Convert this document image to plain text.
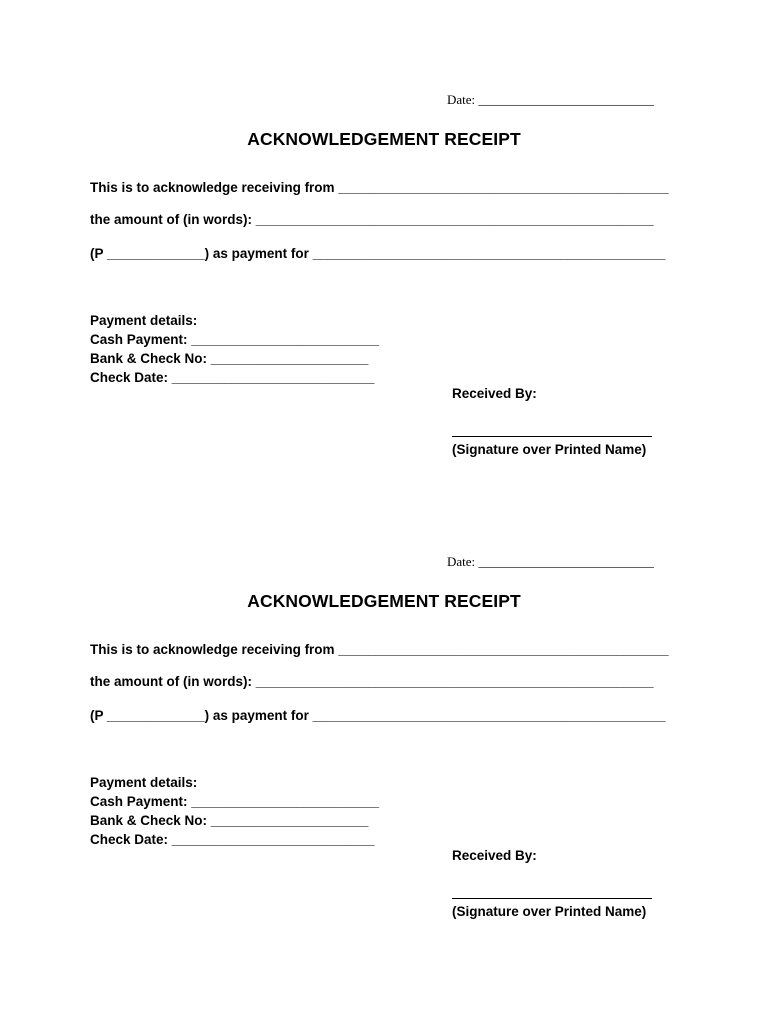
Date: ___________________________
ACKNOWLEDGEMENT RECEIPT
This is to acknowledge receiving from ____________________________________________
the amount of (in words): _____________________________________________________
(P _____________) as payment for _______________________________________________
Payment details:
Cash Payment: _________________________
Bank & Check No: _____________________
Check Date: ___________________________
Received By:
(Signature over Printed Name)
Date: ___________________________
ACKNOWLEDGEMENT RECEIPT
This is to acknowledge receiving from ____________________________________________
the amount of (in words): _____________________________________________________
(P _____________) as payment for _______________________________________________
Payment details:
Cash Payment: _________________________
Bank & Check No: _____________________
Check Date: ___________________________
Received By:
(Signature over Printed Name)
